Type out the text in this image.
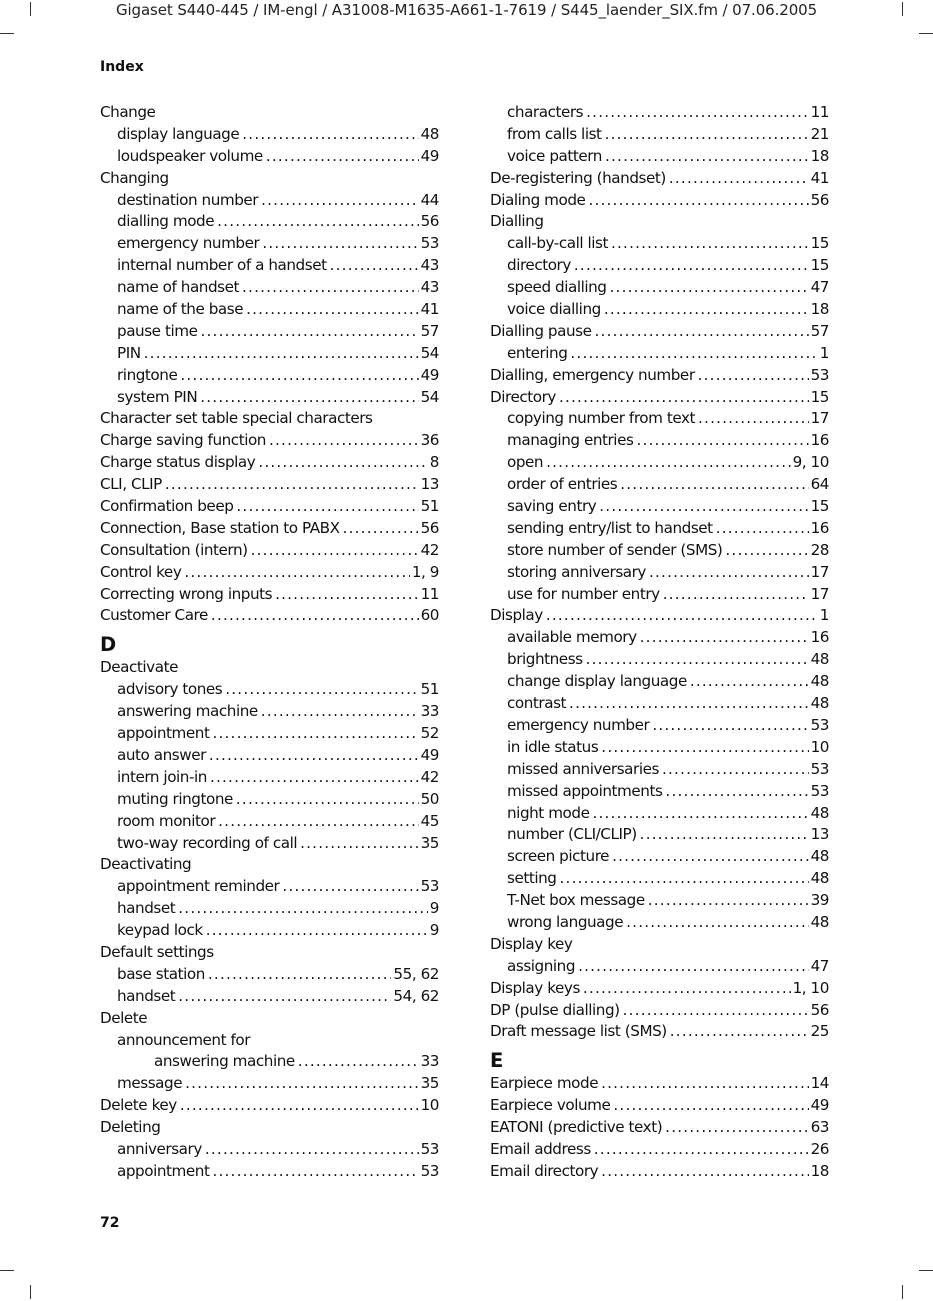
Gigaset S440-445 / IM-engl / A31008-M1635-A661-1-7619 / S445_laender_SIX.fm / 07.06.2005
Index
Change
display language .....	48
loudspeaker volume .....	49
Changing
destination number .....	44
dialling mode .....	56
emergency number .....	53
internal number of a handset .....	43
name of handset .....	43
name of the base .....	41
pause time .....	57
PIN .....	54
ringtone .....	49
system PIN .....	54
Character set table special characters
Charge saving function .....	36
Charge status display .....	8
CLI, CLIP .....	13
Confirmation beep .....	51
Connection, Base station to PABX .....	56
Consultation (intern) .....	42
Control key .....	1, 9
Correcting wrong inputs .....	11
Customer Care .....	60
D
Deactivate
advisory tones .....	51
answering machine .....	33
appointment .....	52
auto answer .....	49
intern join-in .....	42
muting ringtone .....	50
room monitor .....	45
two-way recording of call .....	35
Deactivating
appointment reminder .....	53
handset .....	9
keypad lock .....	9
Default settings
base station .....	55, 62
handset .....	54, 62
Delete
announcement for
answering machine .....	33
message .....	35
Delete key .....	10
Deleting
anniversary .....	53
appointment .....	53
characters .....	11
from calls list .....	21
voice pattern .....	18
De-registering (handset) .....	41
Dialing mode .....	56
Dialling
call-by-call list .....	15
directory .....	15
speed dialling .....	47
voice dialling .....	18
Dialling pause .....	57
entering .....	1
Dialling, emergency number .....	53
Directory .....	15
copying number from text .....	17
managing entries .....	16
open .....	9, 10
order of entries .....	64
saving entry .....	15
sending entry/list to handset .....	16
store number of sender (SMS) .....	28
storing anniversary .....	17
use for number entry .....	17
Display .....	1
available memory .....	16
brightness .....	48
change display language .....	48
contrast .....	48
emergency number .....	53
in idle status .....	10
missed anniversaries .....	53
missed appointments .....	53
night mode .....	48
number (CLI/CLIP) .....	13
screen picture .....	48
setting .....	48
T-Net box message .....	39
wrong language .....	48
Display key
assigning .....	47
Display keys .....	1, 10
DP (pulse dialling) .....	56
Draft message list (SMS) .....	25
E
Earpiece mode .....	14
Earpiece volume .....	49
EATONI (predictive text) .....	63
Email address .....	26
Email directory .....	18
72
